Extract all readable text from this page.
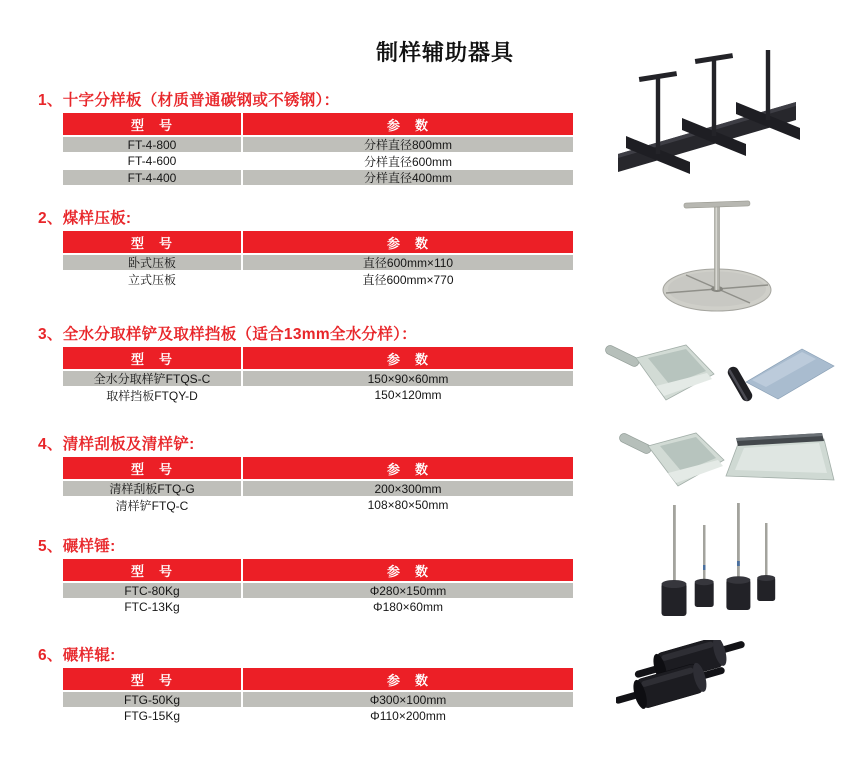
制样辅助器具
1、十字分样板（材质普通碳钢或不锈钢）：
型　号	参　数
FT-4-800	分样直径800mm
FT-4-600	分样直径600mm
FT-4-400	分样直径400mm
2、煤样压板:
型　号	参　数
卧式压板	直径600mm×110
立式压板	直径600mm×770
3、全水分取样铲及取样挡板（适合13mm全水分样）：
型　号	参　数
全水分取样铲FTQS-C	150×90×60mm
取样挡板FTQY-D	150×120mm
4、清样刮板及清样铲:
型　号	参　数
清样刮板FTQ-G	200×300mm
清样铲FTQ-C	108×80×50mm
5、碾样锤:
型　号	参　数
FTC-80Kg	Φ280×150mm
FTC-13Kg	Φ180×60mm
6、碾样辊:
型　号	参　数
FTG-50Kg	Φ300×100mm
FTG-15Kg	Φ110×200mm
